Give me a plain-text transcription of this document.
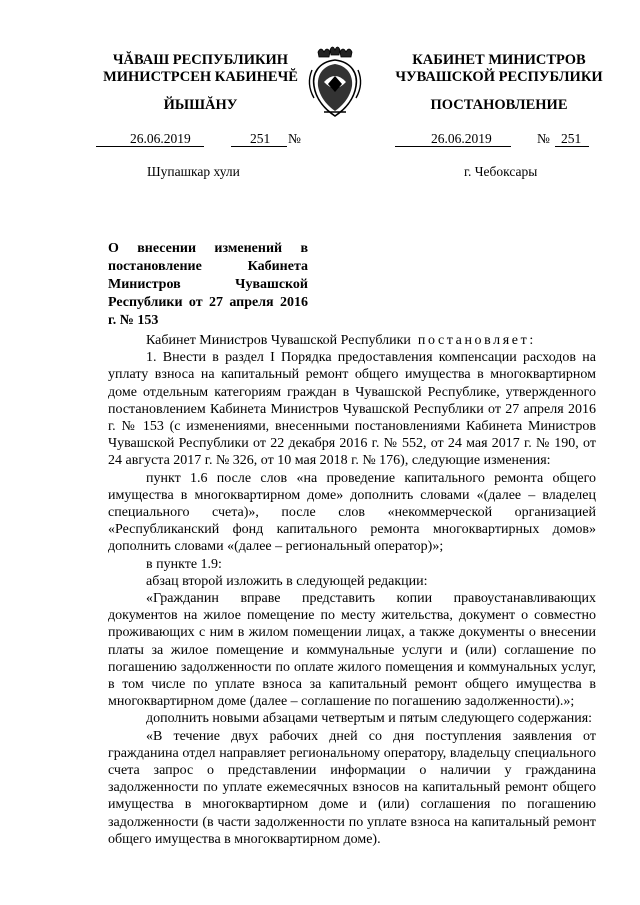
ЧĂВАШ РЕСПУБЛИКИН
МИНИСТРСЕН КАБИНЕЧĔ
ЙЫШĂНУ
КАБИНЕТ МИНИСТРОВ
ЧУВАШСКОЙ РЕСПУБЛИКИ
ПОСТАНОВЛЕНИЕ
26.06.2019	251 №	26.06.2019	№ 251
Шупашкар хули	г. Чебоксары
О внесении изменений в постановление Кабинета Министров Чувашской Республики от 27 апреля 2016 г. № 153

Кабинет Министров Чувашской Республики постановляет:

1. Внести в раздел I Порядка предоставления компенсации расходов на уплату взноса на капитальный ремонт общего имущества в многоквартирном доме отдельным категориям граждан в Чувашской Республике, утвержденного постановлением Кабинета Министров Чувашской Республики от 27 апреля 2016 г. № 153 (с изменениями, внесенными постановлениями Кабинета Министров Чувашской Республики от 22 декабря 2016 г. № 552, от 24 мая 2017 г. № 190, от 24 августа 2017 г. № 326, от 10 мая 2018 г. № 176), следующие изменения:

пункт 1.6 после слов «на проведение капитального ремонта общего имущества в многоквартирном доме» дополнить словами «(далее – владелец специального счета)», после слов «некоммерческой организацией «Республиканский фонд капитального ремонта многоквартирных домов» дополнить словами «(далее – региональный оператор)»;

в пункте 1.9:

абзац второй изложить в следующей редакции:

«Гражданин вправе представить копии правоустанавливающих документов на жилое помещение по месту жительства, документ о совместно проживающих с ним в жилом помещении лицах, а также документы о внесении платы за жилое помещение и коммунальные услуги и (или) соглашение по погашению задолженности по оплате жилого помещения и коммунальных услуг, в том числе по уплате взноса за капитальный ремонт общего имущества в многоквартирном доме (далее – соглашение по погашению задолженности).»;

дополнить новыми абзацами четвертым и пятым следующего содержания:

«В течение двух рабочих дней со дня поступления заявления от гражданина отдел направляет региональному оператору, владельцу специального счета запрос о представлении информации о наличии у гражданина задолженности по уплате ежемесячных взносов на капитальный ремонт общего имущества в многоквартирном доме и (или) соглашения по погашению задолженности (в части задолженности по уплате взноса на капитальный ремонт общего имущества в многоквартирном доме).
